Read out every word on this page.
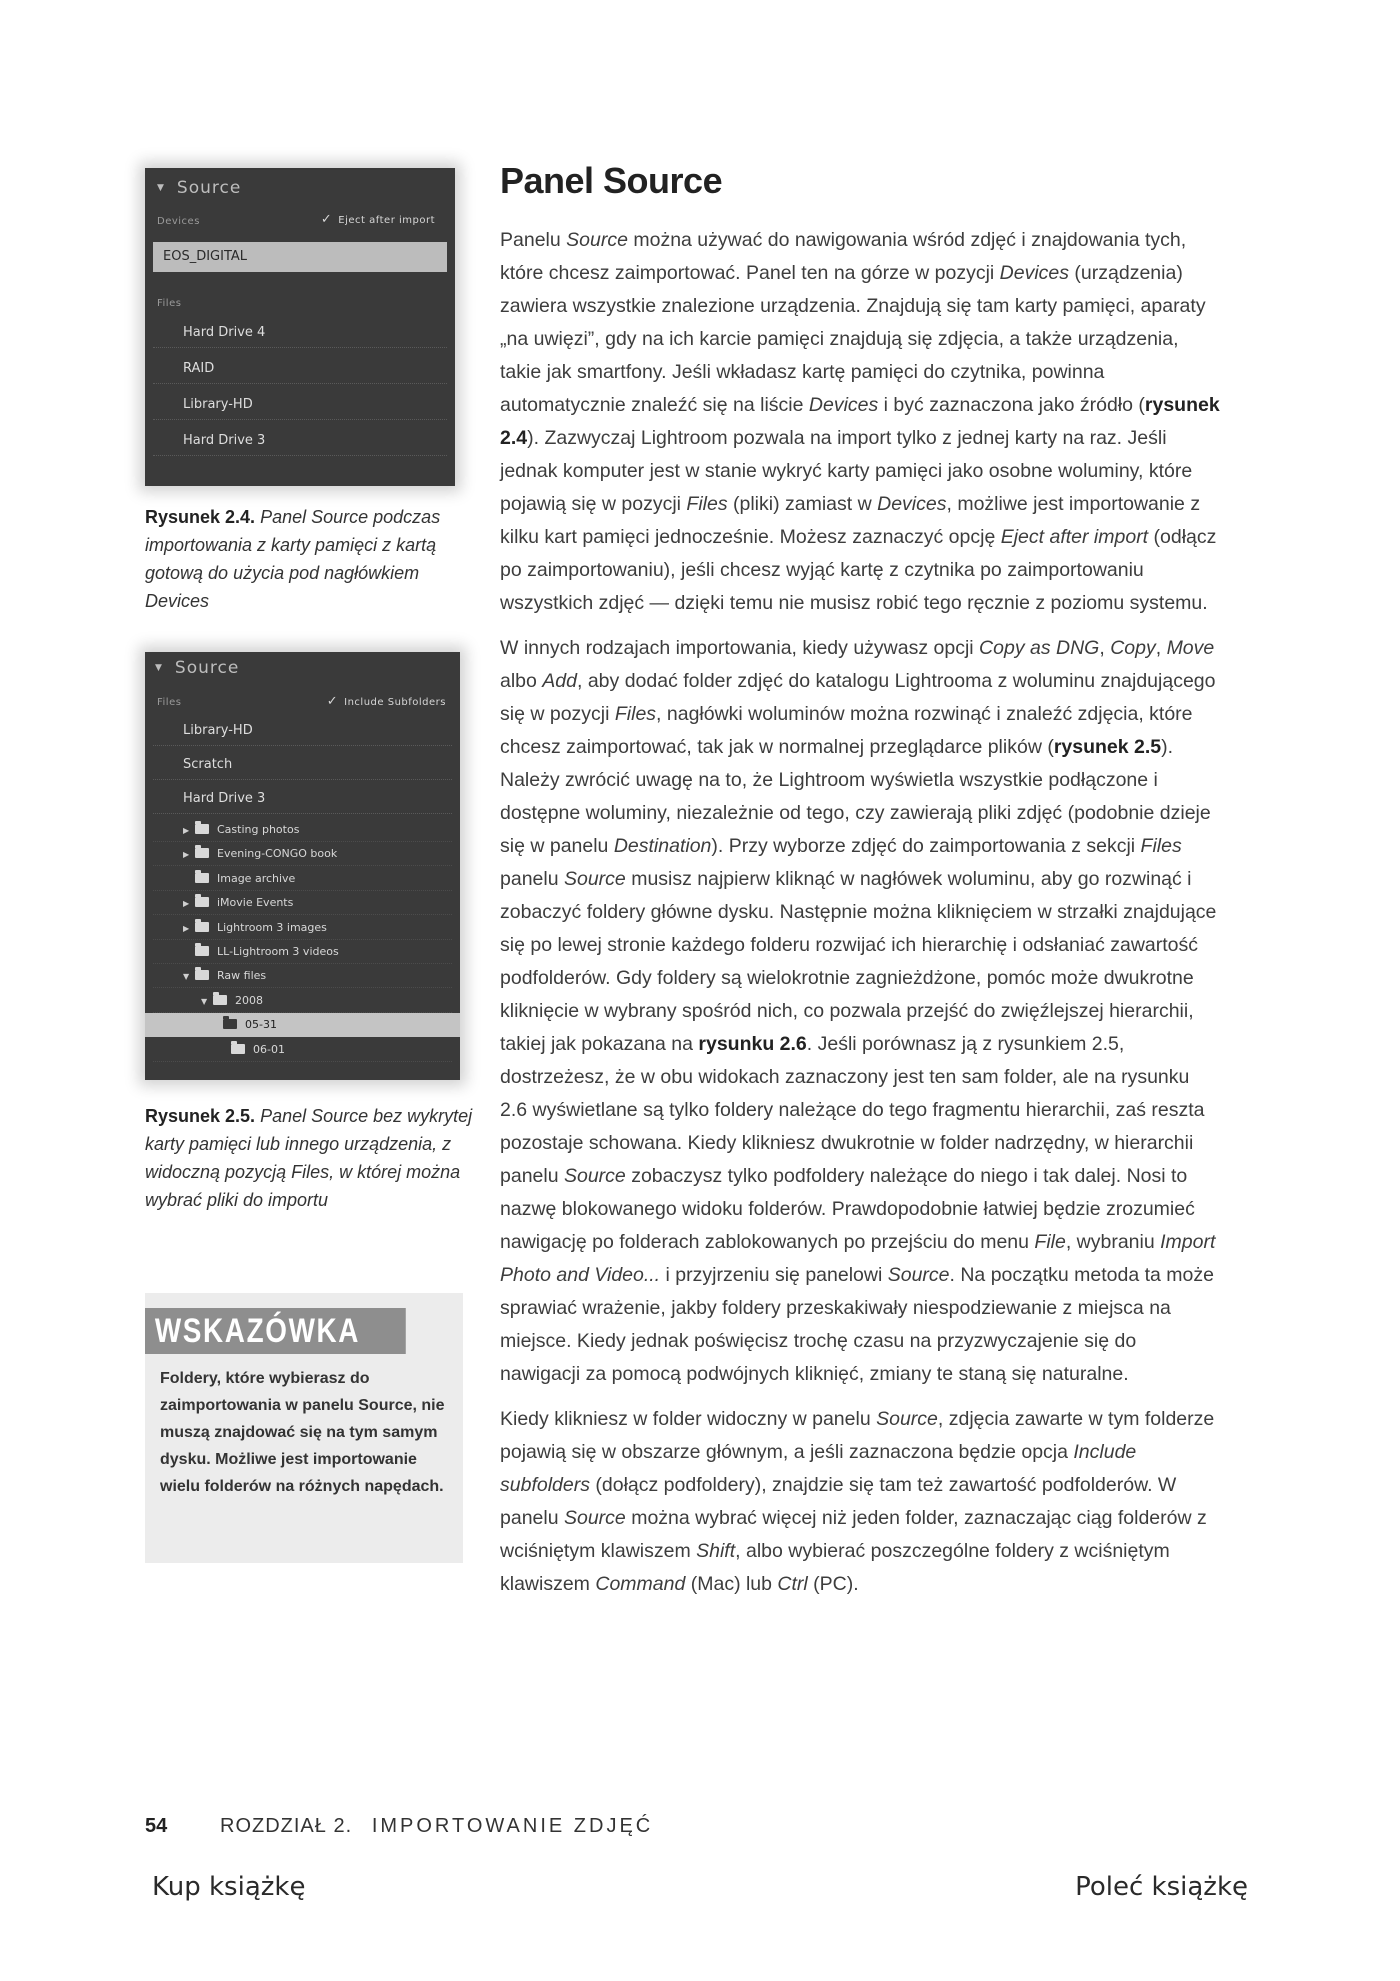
▼ Source
Devices	✓ Eject after import
EOS_DIGITAL
Files
Hard Drive 4
RAID
Library-HD
Hard Drive 3
Rysunek 2.4. Panel Source podczas importowania z karty pamięci z kartą gotową do użycia pod nagłówkiem Devices
▼ Source
Files	✓ Include Subfolders
Library-HD
Scratch
Hard Drive 3
▶	Casting photos
▶	Evening-CONGO book
Image archive
▶	iMovie Events
▶	Lightroom 3 images
LL-Lightroom 3 videos
▼	Raw files
▼	2008
05-31
06-01
Rysunek 2.5. Panel Source bez wykrytej karty pamięci lub innego urządzenia, z widoczną pozycją Files, w której można wybrać pliki do importu
WSKAZÓWKA
Foldery, które wybierasz do zaimportowania w panelu Source, nie muszą znajdować się na tym samym dysku. Możliwe jest importowanie wielu folderów na różnych napędach.
Panel Source

Panelu Source można używać do nawigowania wśród zdjęć i znajdowania tych, które chcesz zaimportować. Panel ten na górze w pozycji Devices (urządzenia) zawiera wszystkie znalezione urządzenia. Znajdują się tam karty pamięci, aparaty „na uwięzi”, gdy na ich karcie pamięci znajdują się zdjęcia, a także urządzenia, takie jak smartfony. Jeśli wkładasz kartę pamięci do czytnika, powinna automatycznie znaleźć się na liście Devices i być zaznaczona jako źródło (rysunek 2.4). Zazwyczaj Lightroom pozwala na import tylko z jednej karty na raz. Jeśli jednak komputer jest w stanie wykryć karty pamięci jako osobne woluminy, które pojawią się w pozycji Files (pliki) zamiast w Devices, możliwe jest importowanie z kilku kart pamięci jednocześnie. Możesz zaznaczyć opcję Eject after import (odłącz po zaimportowaniu), jeśli chcesz wyjąć kartę z czytnika po zaimportowaniu wszystkich zdjęć — dzięki temu nie musisz robić tego ręcznie z poziomu systemu.

W innych rodzajach importowania, kiedy używasz opcji Copy as DNG, Copy, Move albo Add, aby dodać folder zdjęć do katalogu Lightrooma z woluminu znajdującego się w pozycji Files, nagłówki woluminów można rozwinąć i znaleźć zdjęcia, które chcesz zaimportować, tak jak w normalnej przeglądarce plików (rysunek 2.5). Należy zwrócić uwagę na to, że Lightroom wyświetla wszystkie podłączone i dostępne woluminy, niezależnie od tego, czy zawierają pliki zdjęć (podobnie dzieje się w panelu Destination). Przy wyborze zdjęć do zaimportowania z sekcji Files panelu Source musisz najpierw kliknąć w nagłówek woluminu, aby go rozwinąć i zobaczyć foldery główne dysku. Następnie można kliknięciem w strzałki znajdujące się po lewej stronie każdego folderu rozwijać ich hierarchię i odsłaniać zawartość podfolderów. Gdy foldery są wielokrotnie zagnieżdżone, pomóc może dwukrotne kliknięcie w wybrany spośród nich, co pozwala przejść do zwięźlejszej hierarchii, takiej jak pokazana na rysunku 2.6. Jeśli porównasz ją z rysunkiem 2.5, dostrzeżesz, że w obu widokach zaznaczony jest ten sam folder, ale na rysunku 2.6 wyświetlane są tylko foldery należące do tego fragmentu hierarchii, zaś reszta pozostaje schowana. Kiedy klikniesz dwukrotnie w folder nadrzędny, w hierarchii panelu Source zobaczysz tylko podfoldery należące do niego i tak dalej. Nosi to nazwę blokowanego widoku folderów. Prawdopodobnie łatwiej będzie zrozumieć nawigację po folderach zablokowanych po przejściu do menu File, wybraniu Import Photo and Video... i przyjrzeniu się panelowi Source. Na początku metoda ta może sprawiać wrażenie, jakby foldery przeskakiwały niespodziewanie z miejsca na miejsce. Kiedy jednak poświęcisz trochę czasu na przyzwyczajenie się do nawigacji za pomocą podwójnych kliknięć, zmiany te staną się naturalne.

Kiedy klikniesz w folder widoczny w panelu Source, zdjęcia zawarte w tym folderze pojawią się w obszarze głównym, a jeśli zaznaczona będzie opcja Include subfolders (dołącz podfoldery), znajdzie się tam też zawartość podfolderów. W panelu Source można wybrać więcej niż jeden folder, zaznaczając ciąg folderów z wciśniętym klawiszem Shift, albo wybierać poszczególne foldery z wciśniętym klawiszem Command (Mac) lub Ctrl (PC).

54	ROZDZIAŁ 2. IMPORTOWANIE ZDJĘĆ
Kup książkę	Poleć książkę
